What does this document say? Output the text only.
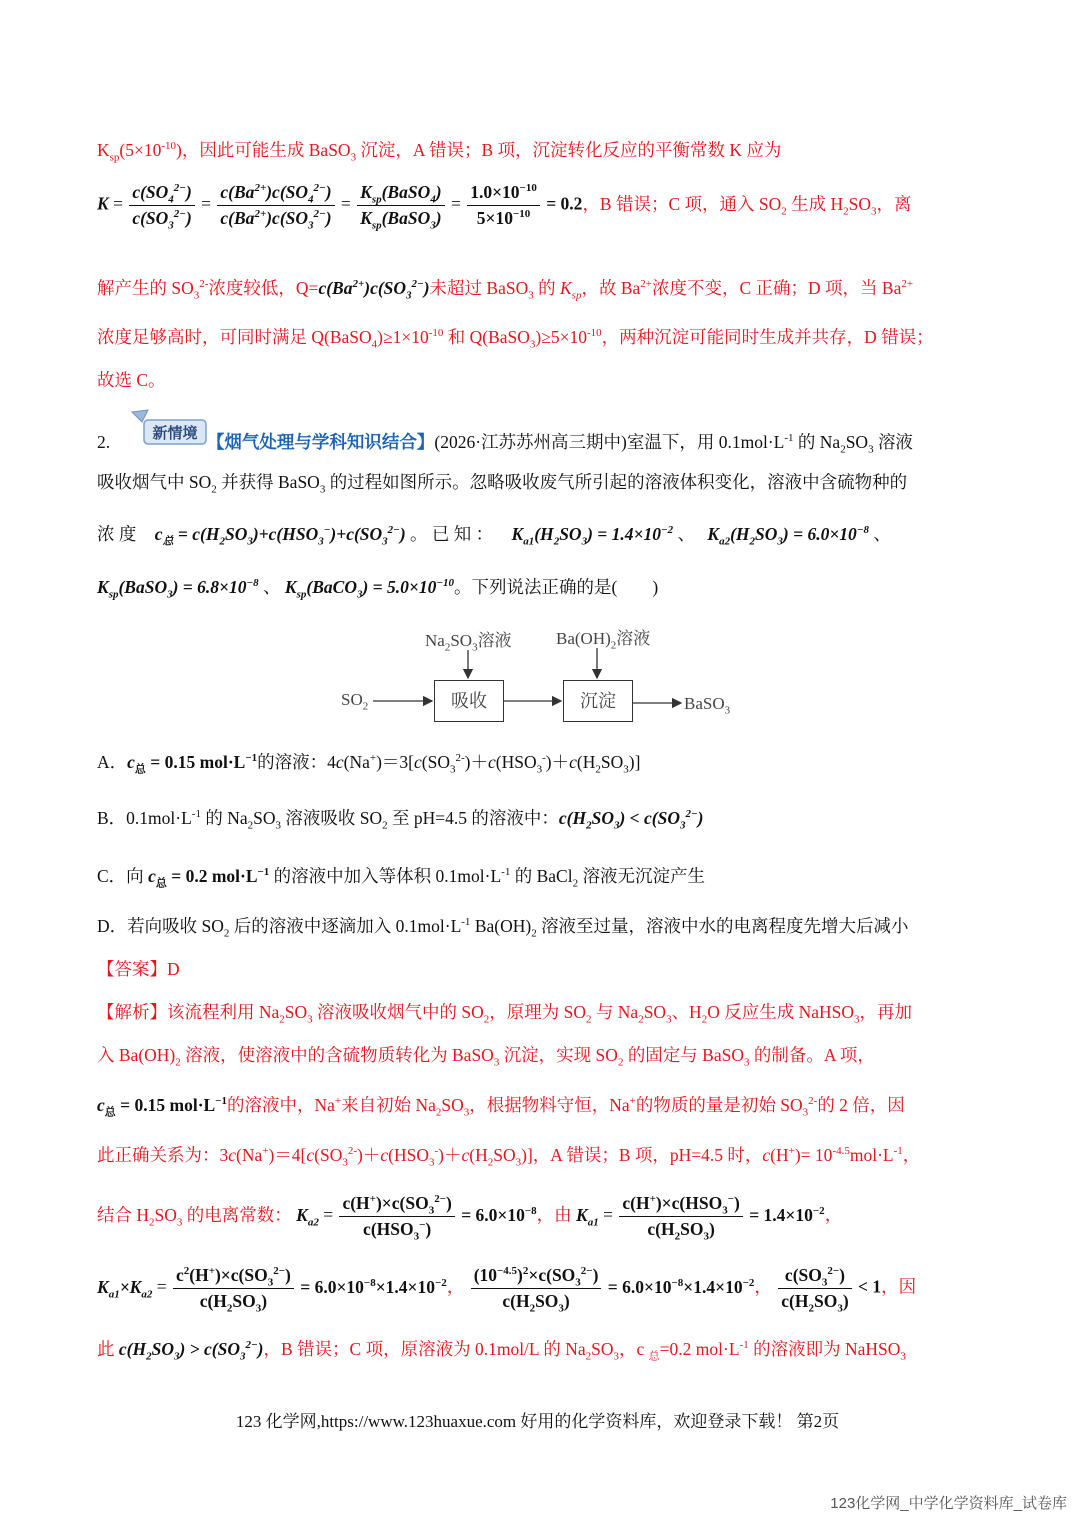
$K_{sp}(5\times 10^{-10})$，因此可能生成 BaSO$_3$ 沉淀，A 错误；B 项，沉淀转化反应的平衡常数 K 应为
$K = \frac{c(SO_4^{2-})}{c(SO_3^{2-})} = \frac{c(Ba^{2+})c(SO_4^{2-})}{c(Ba^{2+})c(SO_3^{2-})} = \frac{K_{sp}(BaSO_4)}{K_{sp}(BaSO_3)} = \frac{1.0\times 10^{-10}}{5\times 10^{-10}} = 0.2$，B 错误；C 项，通入 $SO_2$ 生成 $H_2SO_3$，离
解产生的 $SO_3^{2-}$浓度较低，$Q=c(Ba^{2+})c(SO_3^{2-})$未超过 BaSO$_3$ 的 $K_{sp}$，故 $Ba^{2+}$浓度不变，C 正确；D 项，当 $Ba^{2+}$
浓度足够高时，可同时满足 $Q(BaSO_4)\ge 1\times 10^{-10}$ 和 $Q(BaSO_3)\ge 5\times 10^{-10}$，两种沉淀可能同时生成并共存，D 错误；
故选 C。
新情境
2.	【烟气处理与学科知识结合】(2026·江苏苏州高三期中)室温下，用 $0.1mol\cdot L^{-1}$ 的 $Na_2SO_3$ 溶液
吸收烟气中 $SO_2$ 并获得 BaSO$_3$ 的过程如图所示。忽略吸收废气所引起的溶液体积变化，溶液中含硫物种的
浓 度 $c_总 = c(H_2SO_3)+c(HSO_3^-)+c(SO_3^{2-})$ 。 已 知 ： $K_{a1}(H_2SO_3) = 1.4\times 10^{-2}$ 、 $K_{a2}(H_2SO_3) = 6.0\times 10^{-8}$ 、
$K_{sp}(BaSO_3) = 6.8\times 10^{-8}$ 、 $K_{sp}(BaCO_3) = 5.0\times 10^{-10}$。下列说法正确的是(　　)
$Na_2SO_3$溶液	$Ba(OH)_2$溶液
$SO_2$	吸收	沉淀	BaSO$_3$
A．$c_总 = 0.15$ $mol\cdot L^{-1}$的溶液：$4c(Na^+)=3[c(SO_3^{2-})+c(HSO_3^-)+c(H_2SO_3)]$
B．$0.1mol\cdot L^{-1}$ 的 $Na_2SO_3$ 溶液吸收 $SO_2$ 至 pH=4.5 的溶液中：$c(H_2SO_3) < c(SO_3^{2-})$
C．向 $c_总 = 0.2$ $mol\cdot L^{-1}$ 的溶液中加入等体积 $0.1mol\cdot L^{-1}$ 的 BaCl$_2$ 溶液无沉淀产生
D．若向吸收 $SO_2$ 后的溶液中逐滴加入 $0.1mol\cdot L^{-1}$ $Ba(OH)_2$ 溶液至过量，溶液中水的电离程度先增大后减小
【答案】D
【解析】该流程利用 $Na_2SO_3$ 溶液吸收烟气中的 $SO_2$，原理为 $SO_2$ 与 $Na_2SO_3$、$H_2O$ 反应生成 NaHSO$_3$，再加
入 $Ba(OH)_2$ 溶液，使溶液中的含硫物质转化为 BaSO$_3$ 沉淀，实现 $SO_2$ 的固定与 BaSO$_3$ 的制备。A 项，
$c_总 = 0.15$ $mol\cdot L^{-1}$的溶液中，Na+来自初始 $Na_2SO_3$，根据物料守恒，Na+的物质的量是初始 $SO_3^{2-}$的 2 倍，因
此正确关系为：$3c(Na^+)=4[c(SO_3^{2-})+c(HSO_3^-)+c(H_2SO_3)]$，A 错误；B 项，pH=4.5 时，$c(H^+)= 10^{-4.5}mol\cdot L^{-1}$，
结合 $H_2SO_3$ 的电离常数： $K_{a2} = \frac{c(H^+)\times c(SO_3^{2-})}{c(HSO_3^-)} = 6.0\times 10^{-8}$，由 $K_{a1} = \frac{c(H^+)\times c(HSO_3^-)}{c(H_2SO_3)} = 1.4\times 10^{-2}$，
$K_{a1}\times K_{a2} = \frac{c^2(H^+)\times c(SO_3^{2-})}{c(H_2SO_3)} = 6.0\times 10^{-8}\times 1.4\times 10^{-2}$， $\frac{(10^{-4.5})^2\times c(SO_3^{2-})}{c(H_2SO_3)} = 6.0\times 10^{-8}\times 1.4\times 10^{-2}$， $\frac{c(SO_3^{2-})}{c(H_2SO_3)} < 1$，因
此 $c(H_2SO_3) > c(SO_3^{2-})$，B 错误；C 项，原溶液为 0.1mol/L 的 $Na_2SO_3$，c $_总$=0.2 $mol\cdot L^{-1}$ 的溶液即为 NaHSO$_3$
123 化学网,https://www.123huaxue.com 好用的化学资料库，欢迎登录下载！ 第2页
123化学网_中学化学资料库_试卷库
